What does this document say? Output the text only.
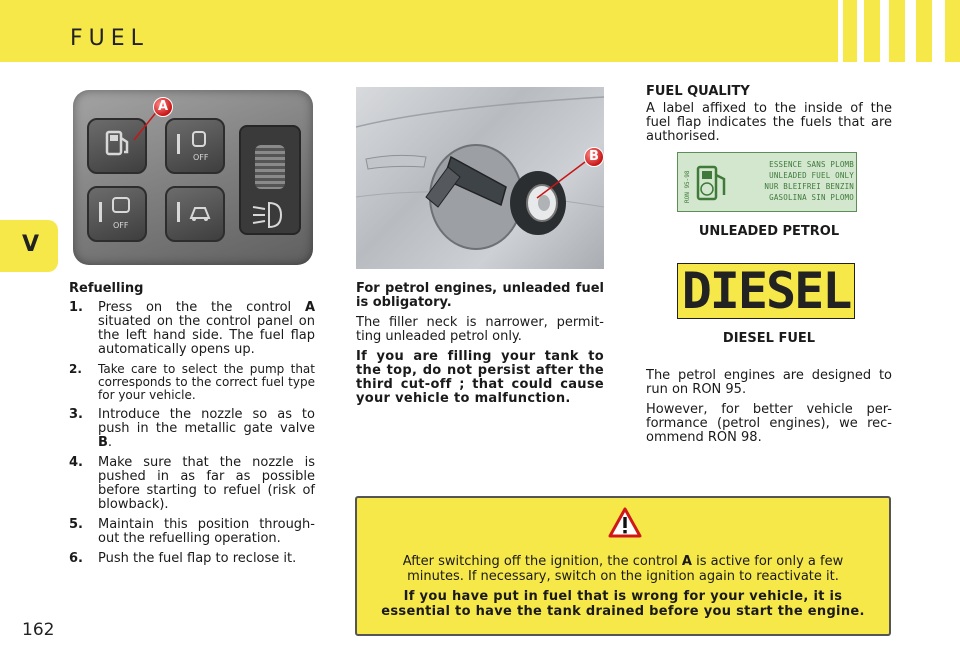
FUEL
V
OFF
OFF
A
B
Refuelling
1.	Press on the the control A situated on the control panel on the left hand side. The fuel flap automatically opens up.
2.	Take care to select the pump that corresponds to the correct fuel type for your vehicle.
3.	Introduce the nozzle so as to push in the metallic gate valve B.
4.	Make sure that the nozzle is pushed in as far as possible before starting to refuel (risk of blowback).
5.	Maintain this position through-out the refuelling operation.
6.	Push the fuel flap to reclose it.
For petrol engines, unleaded fuel is obligatory.
The filler neck is narrower, permit-ting unleaded petrol only.
If you are filling your tank to the top, do not persist after the third cut-off ; that could cause your vehicle to malfunction.
FUEL QUALITY
A label affixed to the inside of the fuel flap indicates the fuels that are authorised.
RON 95-98
ESSENCE SANS PLOMB
UNLEADED FUEL ONLY
NUR BLEIFREI BENZIN
GASOLINA SIN PLOMO
UNLEADED PETROL
DIESEL
DIESEL FUEL
The petrol engines are designed to run on RON 95.
However, for better vehicle per-formance (petrol engines), we rec-ommend RON 98.
After switching off the ignition, the control A is active for only a few minutes. If necessary, switch on the ignition again to reactivate it.
If you have put in fuel that is wrong for your vehicle, it is essential to have the tank drained before you start the engine.
162
